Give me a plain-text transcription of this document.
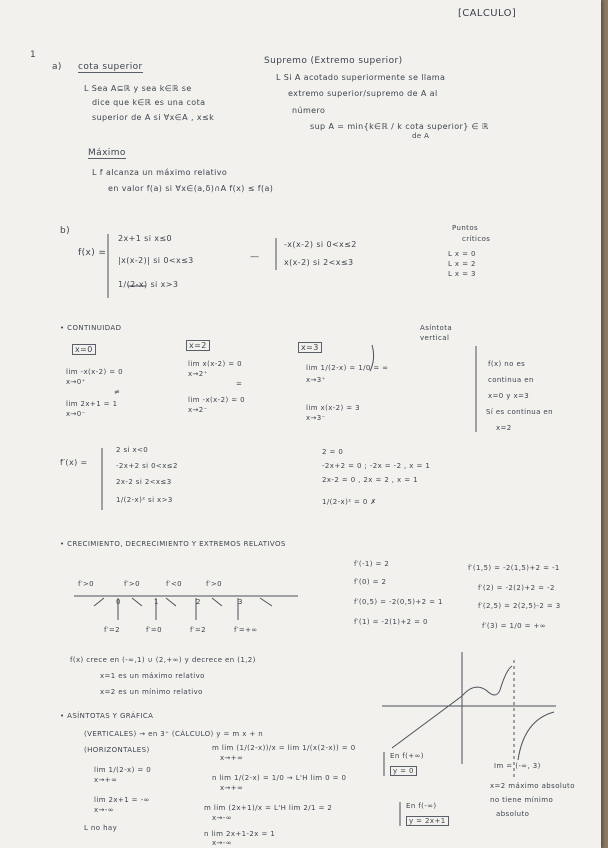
[CALCULO]
1
a) cota superior
L Sea A⊆ℝ y sea k∈ℝ se
dice que k∈ℝ es una cota
superior de A si ∀x∈A , x≤k
Supremo (Extremo superior)
L Si A acotado superiormente se llama
extremo superior/supremo de A al
número
sup A = min{k∈ℝ / k cota superior} ∈ ℝ
de A
Máximo
L f alcanza un máximo relativo
en valor f(a) si ∀x∈(a,δ)∩A f(x) ≤ f(a)
b)
f(x) =
2x+1 si x≤0
|x(x-2)| si 0<x≤3
1/(2-x) si x>3
—
-x(x-2) si 0<x≤2
x(x-2) si 2<x≤3
Puntos
críticos
L x = 0
L x = 2
L x = 3
• CONTINUIDAD	Asíntota
vertical
x=0
lim -x(x-2) = 0
x→0⁺
≠
lim 2x+1 = 1
x→0⁻
x=2
lim x(x-2) = 0
x→2⁺
=
lim -x(x-2) = 0
x→2⁻
x=3
lim 1/(2-x) = 1/0 = ∞
x→3⁺
lim x(x-2) = 3
x→3⁻
f(x) no es
continua en
x=0 y x=3
Sí es continua en
x=2
f′(x) =
2 si x<0
-2x+2 si 0<x≤2
2x-2 si 2<x≤3
1/(2-x)² si x>3
2 = 0
-2x+2 = 0 ; -2x = -2 , x = 1
2x-2 = 0 , 2x = 2 , x = 1
1/(2-x)² = 0 ✗
• CRECIMIENTO, DECRECIMIENTO Y EXTREMOS RELATIVOS
f′>0	f′>0	f′<0	f′>0
0	1	2	3
f′=2	f′=0	f′=2	f′=+∞
f′(-1) = 2
f′(0) = 2
f′(0,5) = -2(0,5)+2 = 1
f′(1) = -2(1)+2 = 0
f′(1,5) = -2(1,5)+2 = -1
f′(2) = -2(2)+2 = -2
f′(2,5) = 2(2,5)-2 = 3
f′(3) = 1/0 = +∞
f(x) crece en (-∞,1) ∪ (2,+∞) y decrece en (1,2)
x=1 es un máximo relativo
x=2 es un mínimo relativo
• ASÍNTOTAS Y GRÁFICA
(VERTICALES) → en 3⁺ (CÁLCULO) y = m x + n
(HORIZONTALES)
lim 1/(2-x) = 0
x→+∞
lim 2x+1 = -∞
x→-∞
L no hay
m lim (1/(2-x))/x = lim 1/(x(2-x)) = 0
x→+∞
n lim 1/(2-x) = 1/0 → L'H lim 0 = 0
x→+∞
m lim (2x+1)/x = L'H lim 2/1 = 2
x→-∞
n lim 2x+1-2x = 1
x→-∞
En f(+∞)
y = 0
En f(-∞)
y = 2x+1
Im = (-∞, 3)
x=2 máximo absoluto
no tiene mínimo
absoluto
